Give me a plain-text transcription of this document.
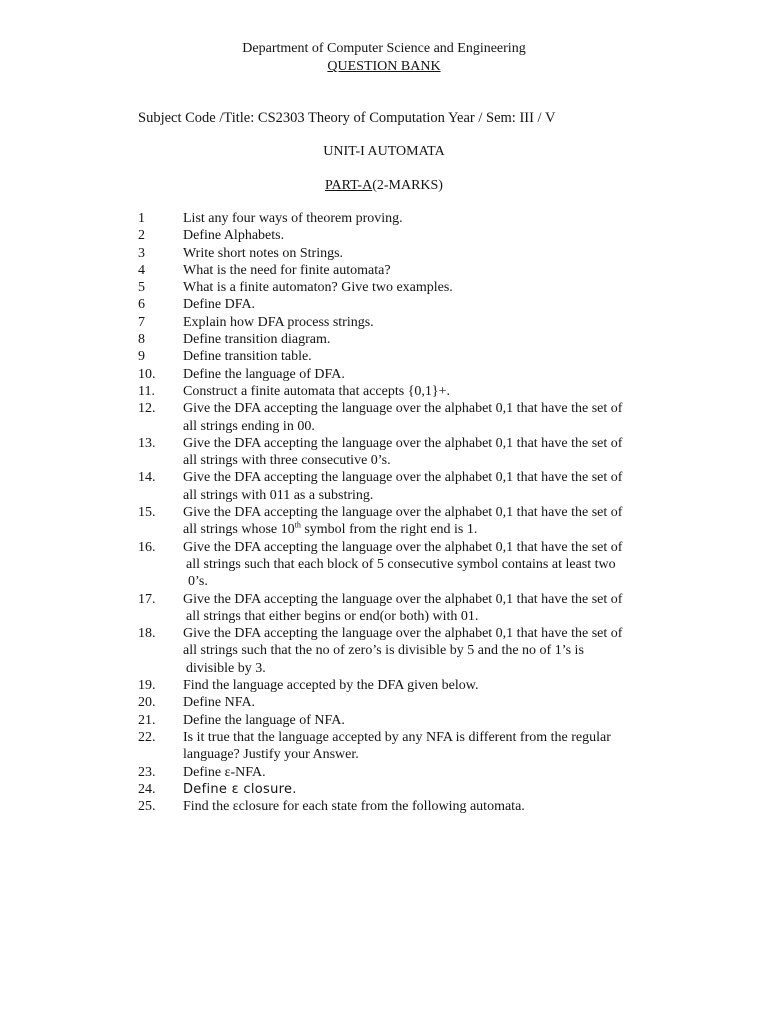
Department of Computer Science and Engineering
QUESTION BANK
Subject Code /Title: CS2303 Theory of Computation Year / Sem: III / V
UNIT-I AUTOMATA
PART-A(2-MARKS)
1	List any four ways of theorem proving.
2	Define Alphabets.
3	Write short notes on Strings.
4	What is the need for finite automata?
5	What is a finite automaton? Give two examples.
6	Define DFA.
7	Explain how DFA process strings.
8	Define transition diagram.
9	Define transition table.
10.	Define the language of DFA.
11.	Construct a finite automata that accepts {0,1}+.
12.	Give the DFA accepting the language over the alphabet 0,1 that have the set of
all strings ending in 00.
13.	Give the DFA accepting the language over the alphabet 0,1 that have the set of
all strings with three consecutive 0’s.
14.	Give the DFA accepting the language over the alphabet 0,1 that have the set of
all strings with 011 as a substring.
15.	Give the DFA accepting the language over the alphabet 0,1 that have the set of
all strings whose 10th symbol from the right end is 1.
16.	Give the DFA accepting the language over the alphabet 0,1 that have the set of
all strings such that each block of 5 consecutive symbol contains at least two
0’s.
17.	Give the DFA accepting the language over the alphabet 0,1 that have the set of
all strings that either begins or end(or both) with 01.
18.	Give the DFA accepting the language over the alphabet 0,1 that have the set of
all strings such that the no of zero’s is divisible by 5 and the no of 1’s is
divisible by 3.
19.	Find the language accepted by the DFA given below.
20.	Define NFA.
21.	Define the language of NFA.
22.	Is it true that the language accepted by any NFA is different from the regular
language? Justify your Answer.
23.	Define ε-NFA.
24.	Define ε closure.
25.	Find the εclosure for each state from the following automata.
